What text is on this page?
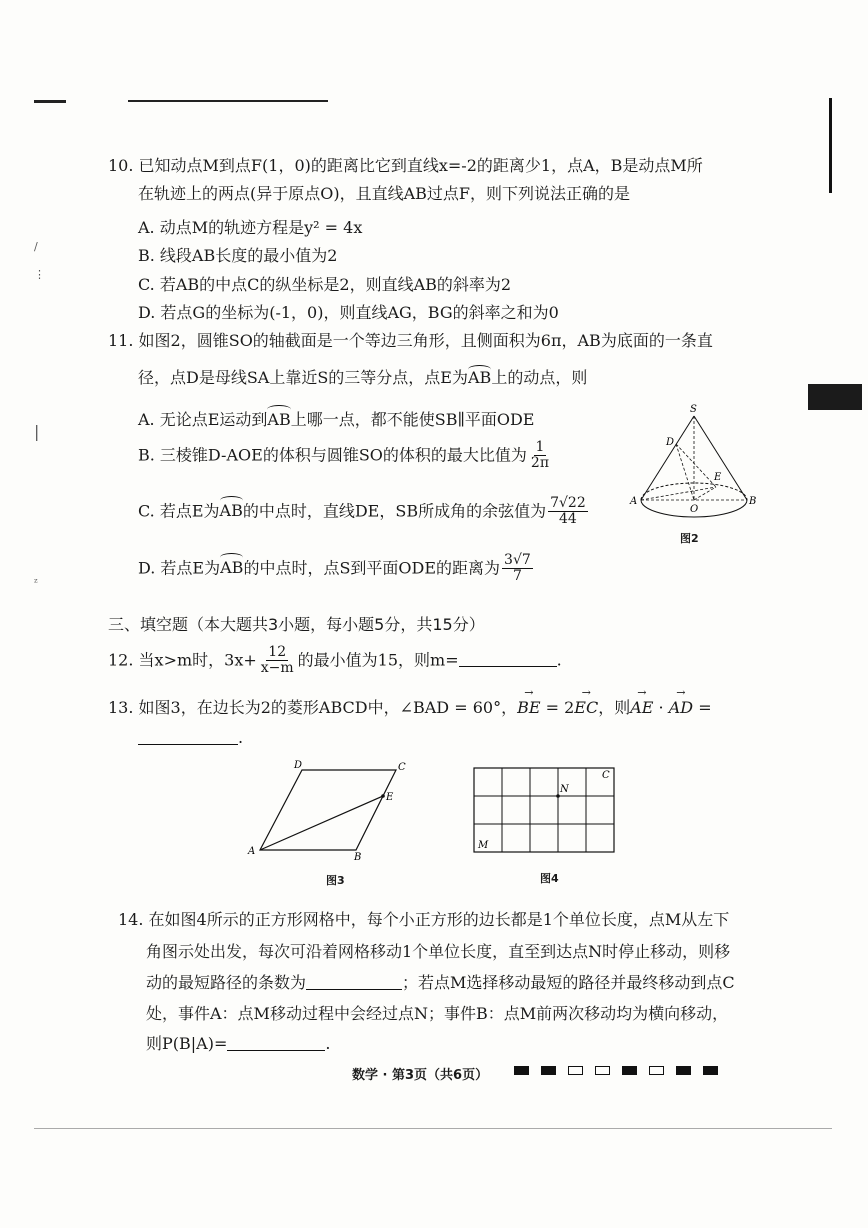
/
⋮
|
ᶻ
10. 已知动点M到点F(1，0)的距离比它到直线x=-2的距离少1，点A，B是动点M所
在轨迹上的两点(异于原点O)，且直线AB过点F，则下列说法正确的是
A. 动点M的轨迹方程是y² = 4x
B. 线段AB长度的最小值为2
C. 若AB的中点C的纵坐标是2，则直线AB的斜率为2
D. 若点G的坐标为(-1，0)，则直线AG，BG的斜率之和为0
11. 如图2，圆锥SO的轴截面是一个等边三角形，且侧面积为6π，AB为底面的一条直
径，点D是母线SA上靠近S的三等分点，点E为AB上的动点，则
A. 无论点E运动到AB上哪一点，都不能使SB∥平面ODE
B. 三棱锥D-AOE的体积与圆锥SO的体积的最大比值为 $\frac{1}{2\pi}$
C. 若点E为AB的中点时，直线DE，SB所成角的余弦值为 $\frac{7√22}{44}$
D. 若点E为AB的中点时，点S到平面ODE的距离为 $\frac{3√7}{7}$
S
D
E
A
O
B
图2
三、填空题（本大题共3小题，每小题5分，共15分）
12. 当x>m时，$3x+ \frac{12}{x-m}$ 的最小值为15，则m=	.
13. 如图3，在边长为2的菱形ABCD中，∠BAD = 60°，→ BE = 2→ EC，则→ AE · → AD =
.
A
B
C
D
E
图3
M
N
C
图4
14. 在如图4所示的正方形网格中，每个小正方形的边长都是1个单位长度，点M从左下
角图示处出发，每次可沿着网格移动1个单位长度，直至到达点N时停止移动，则移
动的最短路径的条数为	；若点M选择移动最短的路径并最终移动到点C
处，事件A：点M移动过程中会经过点N；事件B：点M前两次移动均为横向移动，
则P(B|A)=	.
数学 · 第3页（共6页）
